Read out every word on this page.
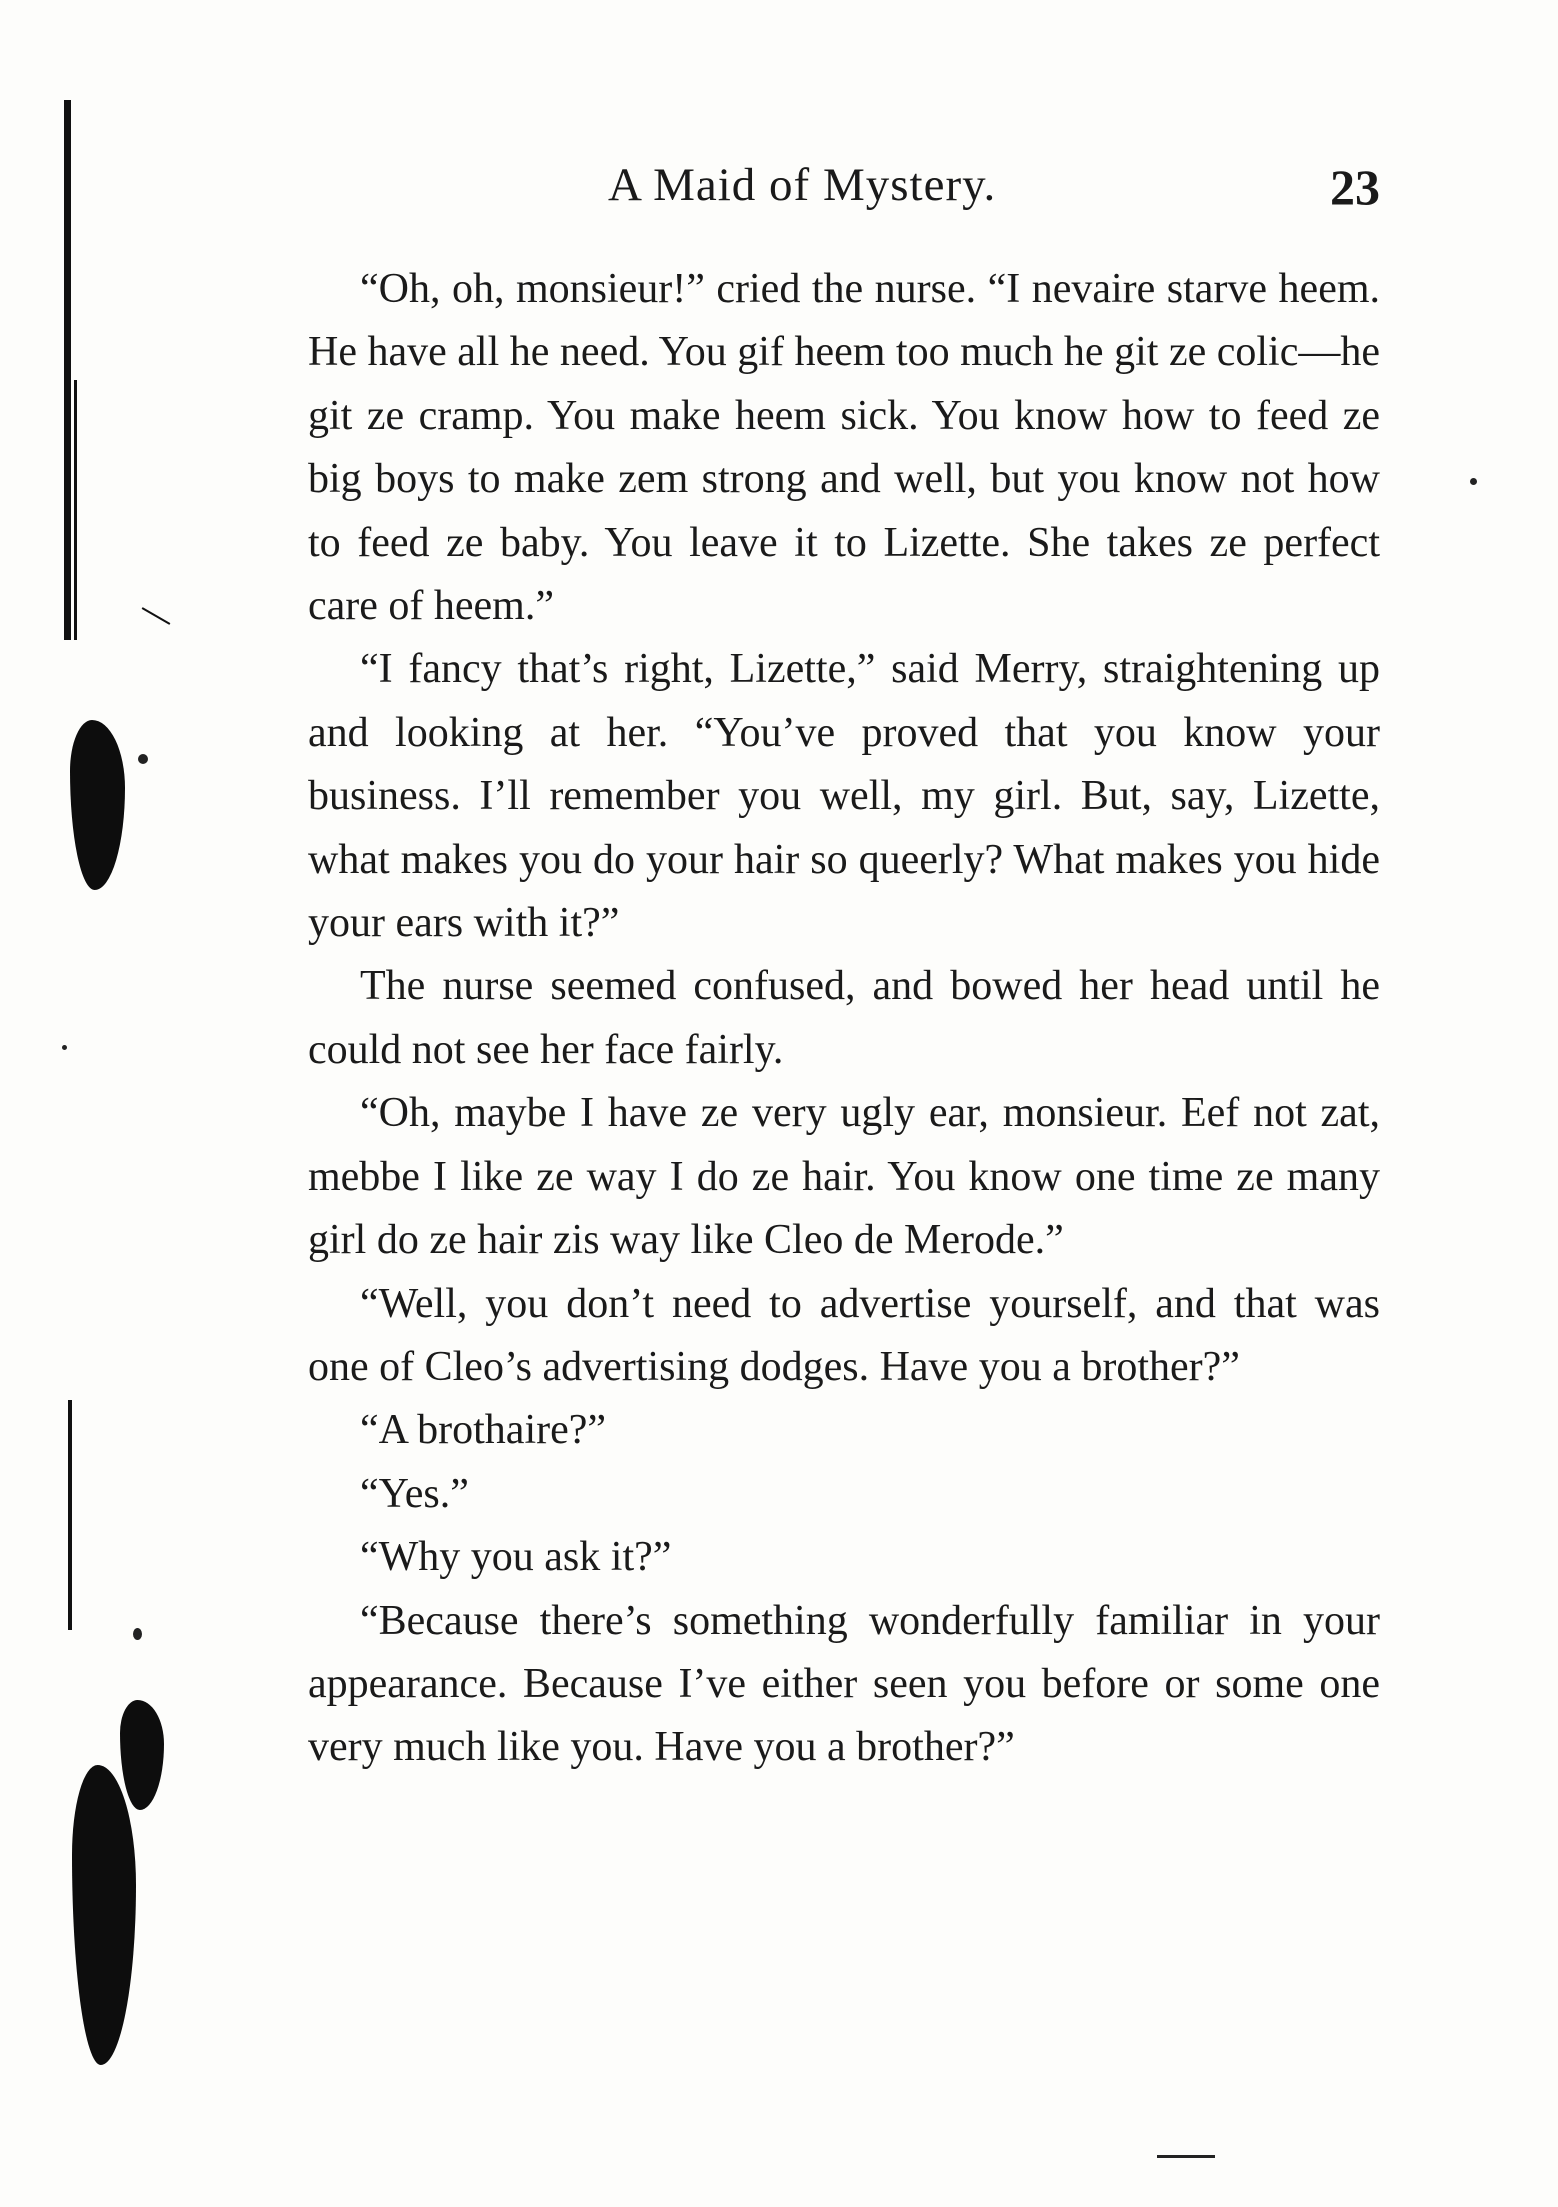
A Maid of Mystery.	23

“Oh, oh, monsieur!” cried the nurse. “I nevaire starve heem. He have all he need. You gif heem too much he git ze colic—he git ze cramp. You make heem sick. You know how to feed ze big boys to make zem strong and well, but you know not how to feed ze baby. You leave it to Lizette. She takes ze perfect care of heem.”

“I fancy that’s right, Lizette,” said Merry, straightening up and looking at her. “You’ve proved that you know your business. I’ll remember you well, my girl. But, say, Lizette, what makes you do your hair so queerly? What makes you hide your ears with it?”

The nurse seemed confused, and bowed her head until he could not see her face fairly.

“Oh, maybe I have ze very ugly ear, monsieur. Eef not zat, mebbe I like ze way I do ze hair. You know one time ze many girl do ze hair zis way like Cleo de Merode.”

“Well, you don’t need to advertise yourself, and that was one of Cleo’s advertising dodges. Have you a brother?”

“A brothaire?”

“Yes.”

“Why you ask it?”

“Because there’s something wonderfully familiar in your appearance. Because I’ve either seen you before or some one very much like you. Have you a brother?”
